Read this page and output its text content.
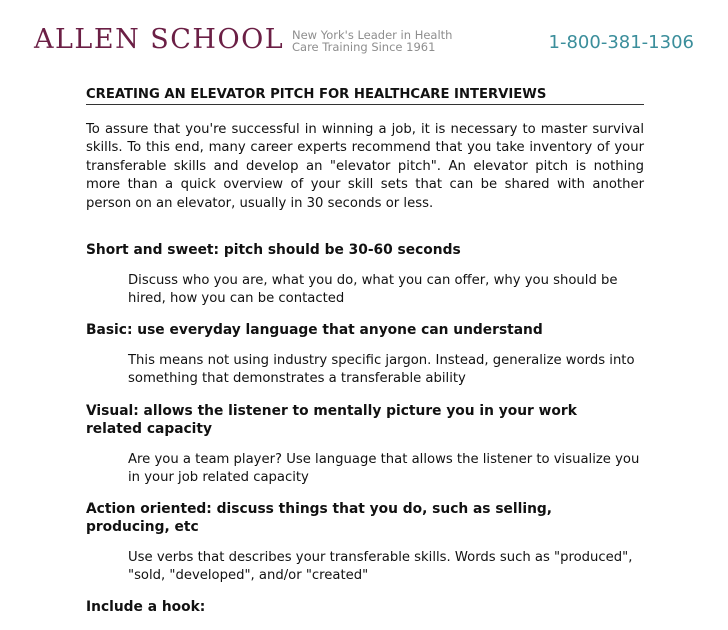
ALLEN SCHOOL New York's Leader in Health
Care Training Since 1961	1-800-381-1306
CREATING AN ELEVATOR PITCH FOR HEALTHCARE INTERVIEWS

To assure that you're successful in winning a job, it is necessary to master survival skills. To this end, many career experts recommend that you take inventory of your transferable skills and develop an "elevator pitch". An elevator pitch is nothing more than a quick overview of your skill sets that can be shared with another person on an elevator, usually in 30 seconds or less.

Short and sweet: pitch should be 30-60 seconds

Discuss who you are, what you do, what you can offer, why you should be hired, how you can be contacted

Basic: use everyday language that anyone can understand

This means not using industry specific jargon. Instead, generalize words into something that demonstrates a transferable ability

Visual: allows the listener to mentally picture you in your work related capacity

Are you a team player? Use language that allows the listener to visualize you in your job related capacity

Action oriented: discuss things that you do, such as selling, producing, etc

Use verbs that describes your transferable skills. Words such as "produced", "sold, "developed", and/or "created"

Include a hook:
